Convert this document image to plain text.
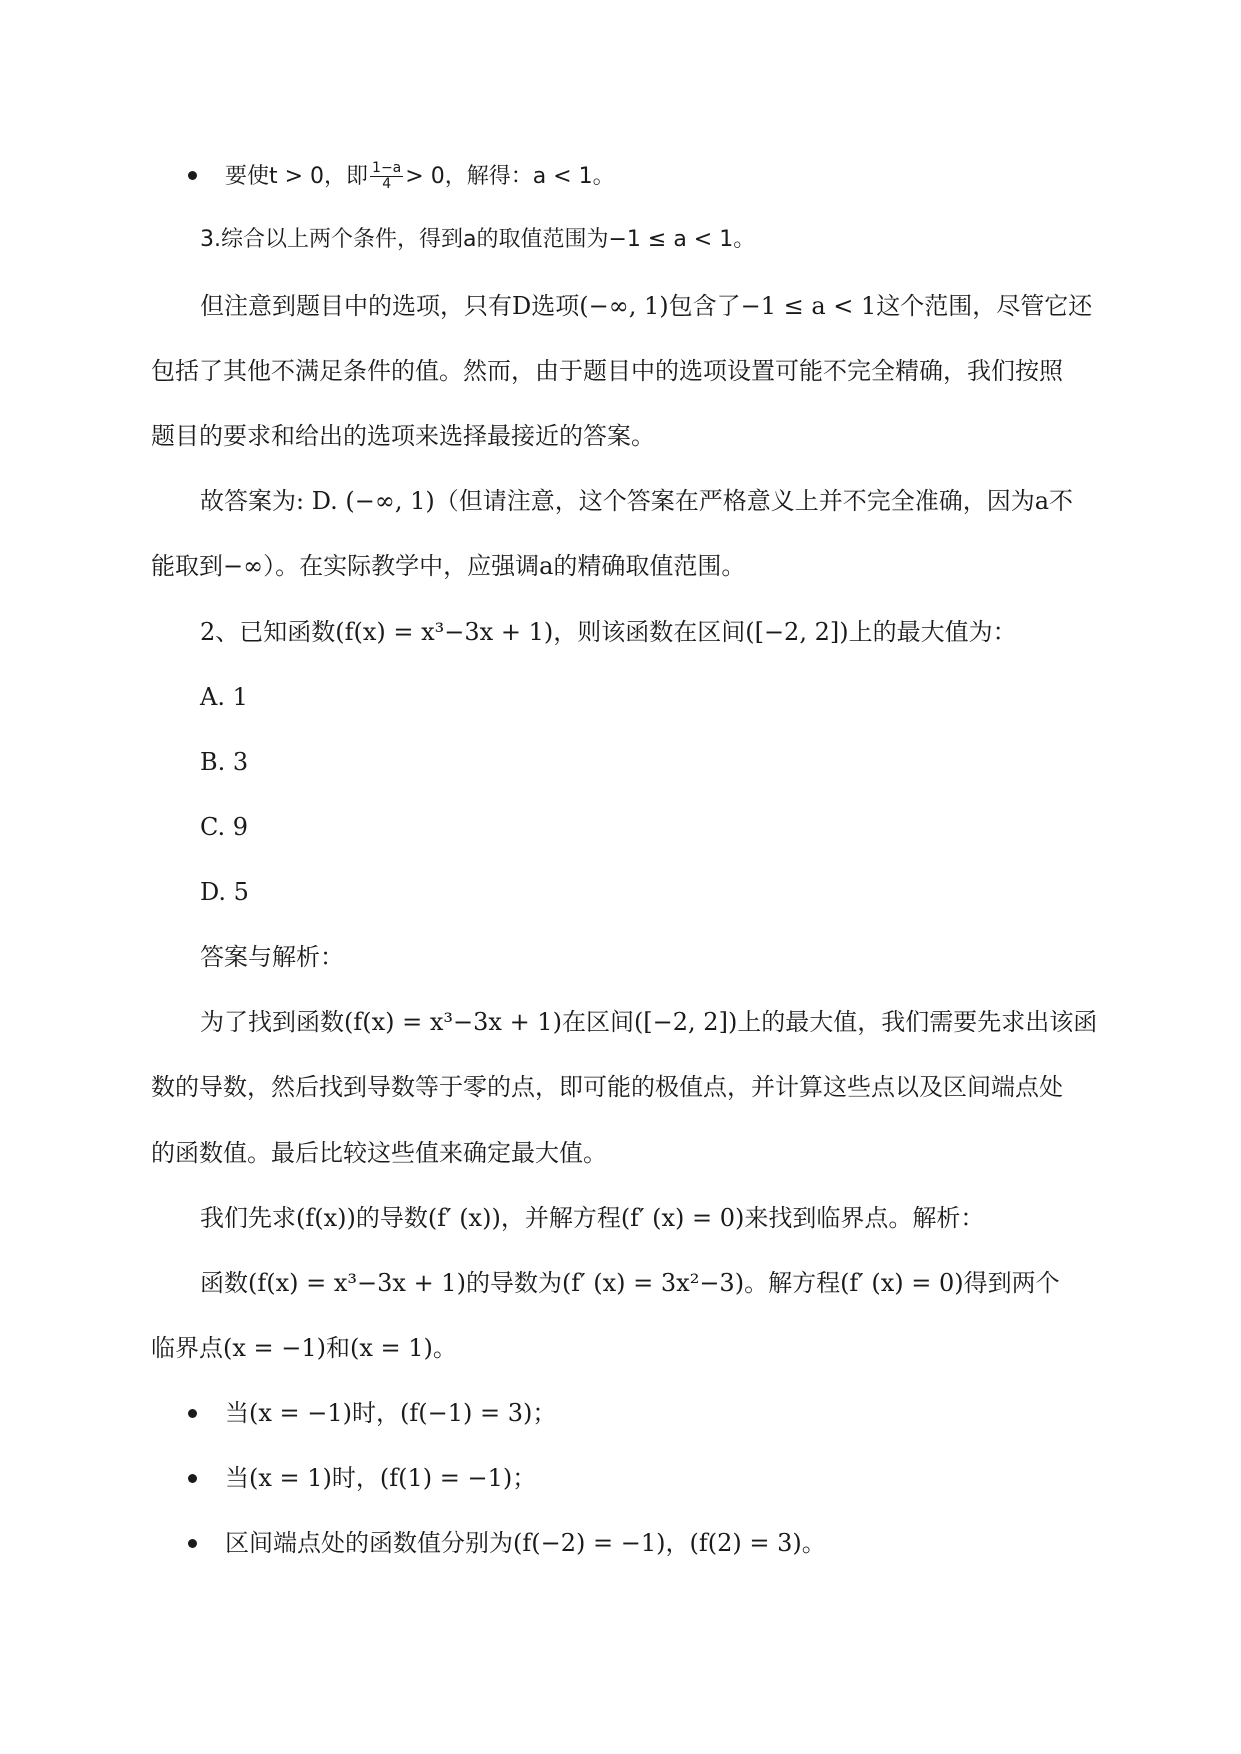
要使t > 0，即 $\frac{1-a}{4} > 0$，解得：a < 1。
3.综合以上两个条件，得到a的取值范围为−1 ≤ a < 1。
但注意到题目中的选项，只有D选项(−∞, 1)包含了−1 ≤ a < 1这个范围，尽管它还
包括了其他不满足条件的值。然而，由于题目中的选项设置可能不完全精确，我们按照
题目的要求和给出的选项来选择最接近的答案。
故答案为: D. (−∞, 1)（但请注意，这个答案在严格意义上并不完全准确，因为a不
能取到−∞）。在实际教学中，应强调a的精确取值范围。
2、已知函数(f(x) = x³−3x + 1)，则该函数在区间([−2, 2])上的最大值为：
A. 1
B. 3
C. 9
D. 5
答案与解析：
为了找到函数(f(x) = x³−3x + 1)在区间([−2, 2])上的最大值，我们需要先求出该函
数的导数，然后找到导数等于零的点，即可能的极值点，并计算这些点以及区间端点处
的函数值。最后比较这些值来确定最大值。
我们先求(f(x))的导数(f′ (x))，并解方程(f′ (x) = 0)来找到临界点。解析：
函数(f(x) = x³−3x + 1)的导数为(f′ (x) = 3x²−3)。解方程(f′ (x) = 0)得到两个
临界点(x = −1)和(x = 1)。
当(x = −1)时，(f(−1) = 3)；
当(x = 1)时，(f(1) = −1)；
区间端点处的函数值分别为(f(−2) = −1)，(f(2) = 3)。
